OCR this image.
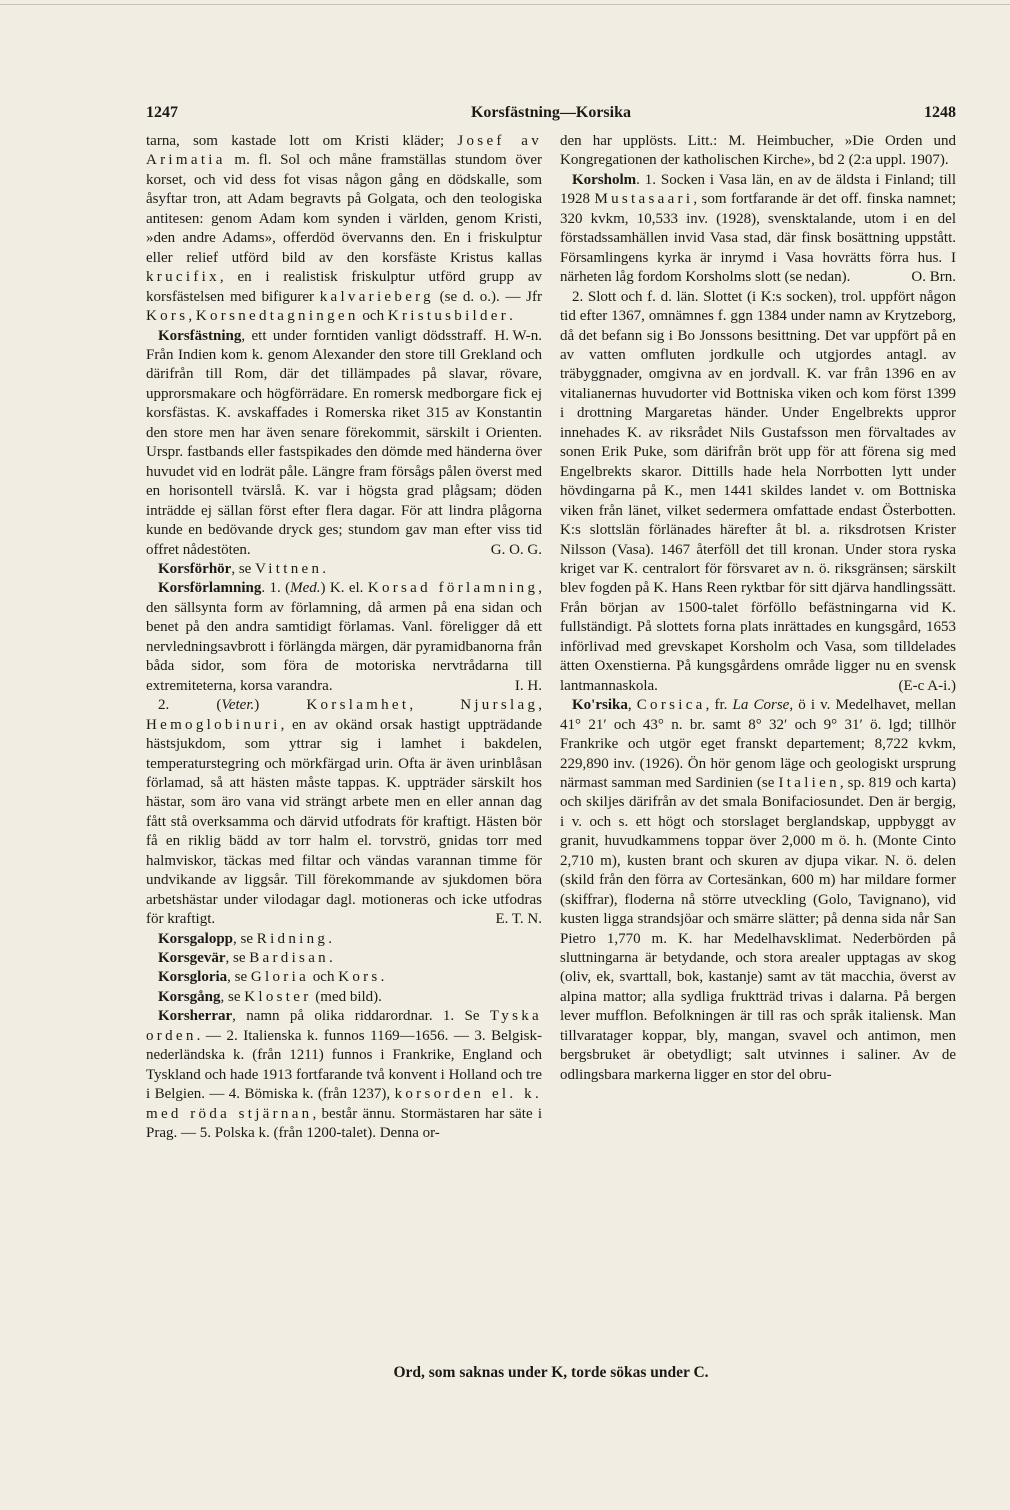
1247	Korsfästning—Korsika	1248

tarna, som kastade lott om Kristi kläder; Josef av Arimatia m. fl. Sol och måne framställas stundom över korset, och vid dess fot visas någon gång en dödskalle, som åsyftar tron, att Adam begravts på Golgata, och den teologiska antitesen: genom Adam kom synden i världen, genom Kristi, »den andre Adams», offerdöd övervanns den. En i friskulptur eller relief utförd bild av den korsfäste Kristus kallas krucifix, en i realistisk friskulptur utförd grupp av korsfästelsen med bifigurer kalvarieberg (se d. o.). — Jfr Kors, Korsnedtagningen och Kristusbilder.
H. W-n.

Korsfästning, ett under forntiden vanligt dödsstraff. Från Indien kom k. genom Alexander den store till Grekland och därifrån till Rom, där det tillämpades på slavar, rövare, upprorsmakare och högförrädare. En romersk medborgare fick ej korsfästas. K. avskaffades i Romerska riket 315 av Konstantin den store men har även senare förekommit, särskilt i Orienten. Urspr. fastbands eller fastspikades den dömde med händerna över huvudet vid en lodrät påle. Längre fram försågs pålen överst med en horisontell tvärslå. K. var i högsta grad plågsam; döden inträdde ej sällan först efter flera dagar. För att lindra plågorna kunde en bedövande dryck ges; stundom gav man efter viss tid offret nådestöten.	G. O. G.

Korsförhör, se Vittnen.

Korsförlamning. 1. (Med.) K. el. Korsad förlamning, den sällsynta form av förlamning, då armen på ena sidan och benet på den andra samtidigt förlamas. Vanl. föreligger då ett nervledningsavbrott i förlängda märgen, där pyramidbanorna från båda sidor, som föra de motoriska nervtrådarna till extremiteterna, korsa varandra.	I. H.

2. (Veter.) Korslamhet, Njurslag, Hemoglobinuri, en av okänd orsak hastigt uppträdande hästsjukdom, som yttrar sig i lamhet i bakdelen, temperaturstegring och mörkfärgad urin. Ofta är även urinblåsan förlamad, så att hästen måste tappas. K. uppträder särskilt hos hästar, som äro vana vid strängt arbete men en eller annan dag fått stå overksamma och därvid utfodrats för kraftigt. Hästen bör få en riklig bädd av torr halm el. torvströ, gnidas torr med halmviskor, täckas med filtar och vändas varannan timme för undvikande av liggsår. Till förekommande av sjukdomen böra arbetshästar under vilodagar dagl. motioneras och icke utfodras för kraftigt.	E. T. N.

Korsgalopp, se Ridning.

Korsgevär, se Bardisan.

Korsgloria, se Gloria och Kors.

Korsgång, se Kloster (med bild).

Korsherrar, namn på olika riddarordnar. 1. Se Tyska orden. — 2. Italienska k. funnos 1169—1656. — 3. Belgisk-nederländska k. (från 1211) funnos i Frankrike, England och Tyskland och hade 1913 fortfarande två konvent i Holland och tre i Belgien. — 4. Bömiska k. (från 1237), korsorden el. k. med röda stjärnan, består ännu. Stormästaren har säte i Prag. — 5. Polska k. (från 1200-talet). Denna or-

den har upplösts. Litt.: M. Heimbucher, »Die Orden und Kongregationen der katholischen Kirche», bd 2 (2:a uppl. 1907).

Korsholm. 1. Socken i Vasa län, en av de äldsta i Finland; till 1928 Mustasaari, som fortfarande är det off. finska namnet; 320 kvkm, 10,533 inv. (1928), svensktalande, utom i en del förstadssamhällen invid Vasa stad, där finsk bosättning uppstått. Församlingens kyrka är inrymd i Vasa hovrätts förra hus. I närheten låg fordom Korsholms slott (se nedan).	O. Brn.

2. Slott och f. d. län. Slottet (i K:s socken), trol. uppfört någon tid efter 1367, omnämnes f. ggn 1384 under namn av Krytzeborg, då det befann sig i Bo Jonssons besittning. Det var uppfört på en av vatten omfluten jordkulle och utgjordes antagl. av träbyggnader, omgivna av en jordvall. K. var från 1396 en av vitalianernas huvudorter vid Bottniska viken och kom först 1399 i drottning Margaretas händer. Under Engelbrekts uppror innehades K. av riksrådet Nils Gustafsson men förvaltades av sonen Erik Puke, som därifrån bröt upp för att förena sig med Engelbrekts skaror. Dittills hade hela Norrbotten lytt under hövdingarna på K., men 1441 skildes landet v. om Bottniska viken från länet, vilket sedermera omfattade endast Österbotten. K:s slottslän förlänades härefter åt bl. a. riksdrotsen Krister Nilsson (Vasa). 1467 återföll det till kronan. Under stora ryska kriget var K. centralort för försvaret av n. ö. riksgränsen; särskilt blev fogden på K. Hans Reen ryktbar för sitt djärva handlingssätt. Från början av 1500-talet förföllo befästningarna vid K. fullständigt. På slottets forna plats inrättades en kungsgård, 1653 införlivad med grevskapet Korsholm och Vasa, som tilldelades ätten Oxenstierna. På kungsgårdens område ligger nu en svensk lantmannaskola.	(E-c A-i.)

Ko'rsika, Corsica, fr. La Corse, ö i v. Medelhavet, mellan 41° 21′ och 43° n. br. samt 8° 32′ och 9° 31′ ö. lgd; tillhör Frankrike och utgör eget franskt departement; 8,722 kvkm, 229,890 inv. (1926). Ön hör genom läge och geologiskt ursprung närmast samman med Sardinien (se Italien, sp. 819 och karta) och skiljes därifrån av det smala Bonifaciosundet. Den är bergig, i v. och s. ett högt och storslaget berglandskap, uppbyggt av granit, huvudkammens toppar över 2,000 m ö. h. (Monte Cinto 2,710 m), kusten brant och skuren av djupa vikar. N. ö. delen (skild från den förra av Cortesänkan, 600 m) har mildare former (skiffrar), floderna nå större utveckling (Golo, Tavignano), vid kusten ligga strandsjöar och smärre slätter; på denna sida når San Pietro 1,770 m. K. har Medelhavsklimat. Nederbörden på sluttningarna är betydande, och stora arealer upptagas av skog (oliv, ek, svarttall, bok, kastanje) samt av tät macchia, överst av alpina mattor; alla sydliga fruktträd trivas i dalarna. På bergen lever mufflon. Befolkningen är till ras och språk italiensk. Man tillvaratager koppar, bly, mangan, svavel och antimon, men bergsbruket är obetydligt; salt utvinnes i saliner. Av de odlingsbara markerna ligger en stor del obru-

Ord, som saknas under K, torde sökas under C.
